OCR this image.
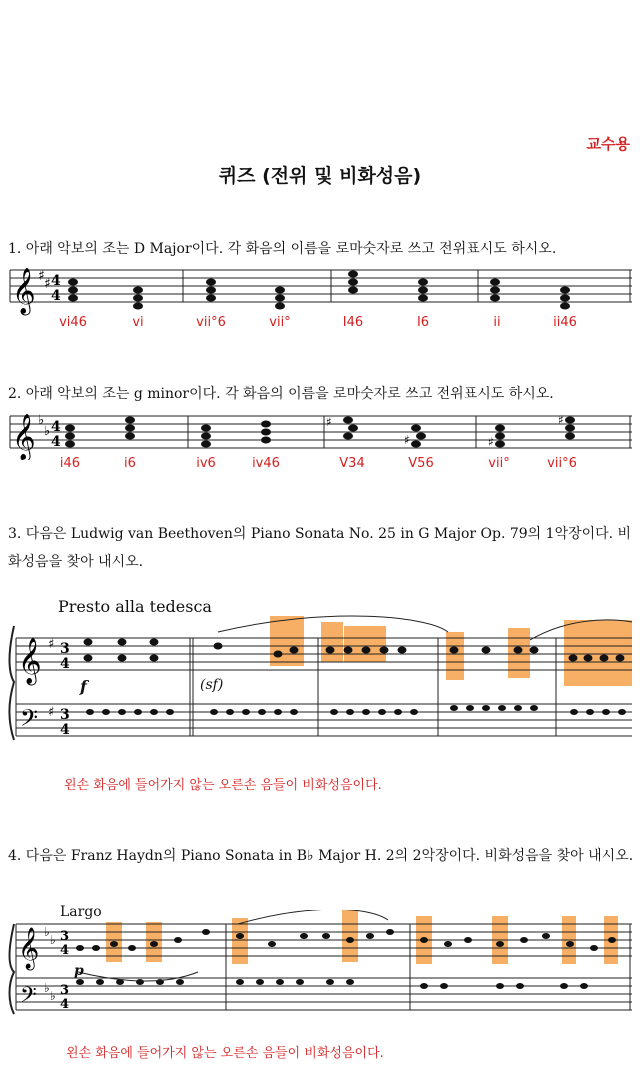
교수용
퀴즈 (전위 및 비화성음)
1. 아래 악보의 조는 D Major이다. 각 화음의 이름을 로마숫자로 쓰고 전위표시도 하시오.
𝄞 ♯ ♯ 4
4
vi46	vi	vii°6	vii°	I46	I6	ii	ii46
2. 아래 악보의 조는 g minor이다. 각 화음의 이름을 로마숫자로 쓰고 전위표시도 하시오.
𝄞 ♭
♭ 4
4
♯
♯	♯
♯
i46	i6	iv6	iv46	V34	V56	vii°	vii°6
3. 다음은 Ludwig van Beethoven의 Piano Sonata No. 25 in G Major Op. 79의 1악장이다. 비화성음을 찾아 내시오.
Presto alla tedesca
𝄞
𝄢
♯
♯
3
4
3
4
f	(sf)
왼손 화음에 들어가지 않는 오른손 음들이 비화성음이다.
4. 다음은 Franz Haydn의 Piano Sonata in B♭ Major H. 2의 2악장이다. 비화성음을 찾아 내시오.
Largo
𝄞
𝄢
♭
♭
♭
♭
3
4
3
4
p
왼손 화음에 들어가지 않는 오른손 음들이 비화성음이다.
